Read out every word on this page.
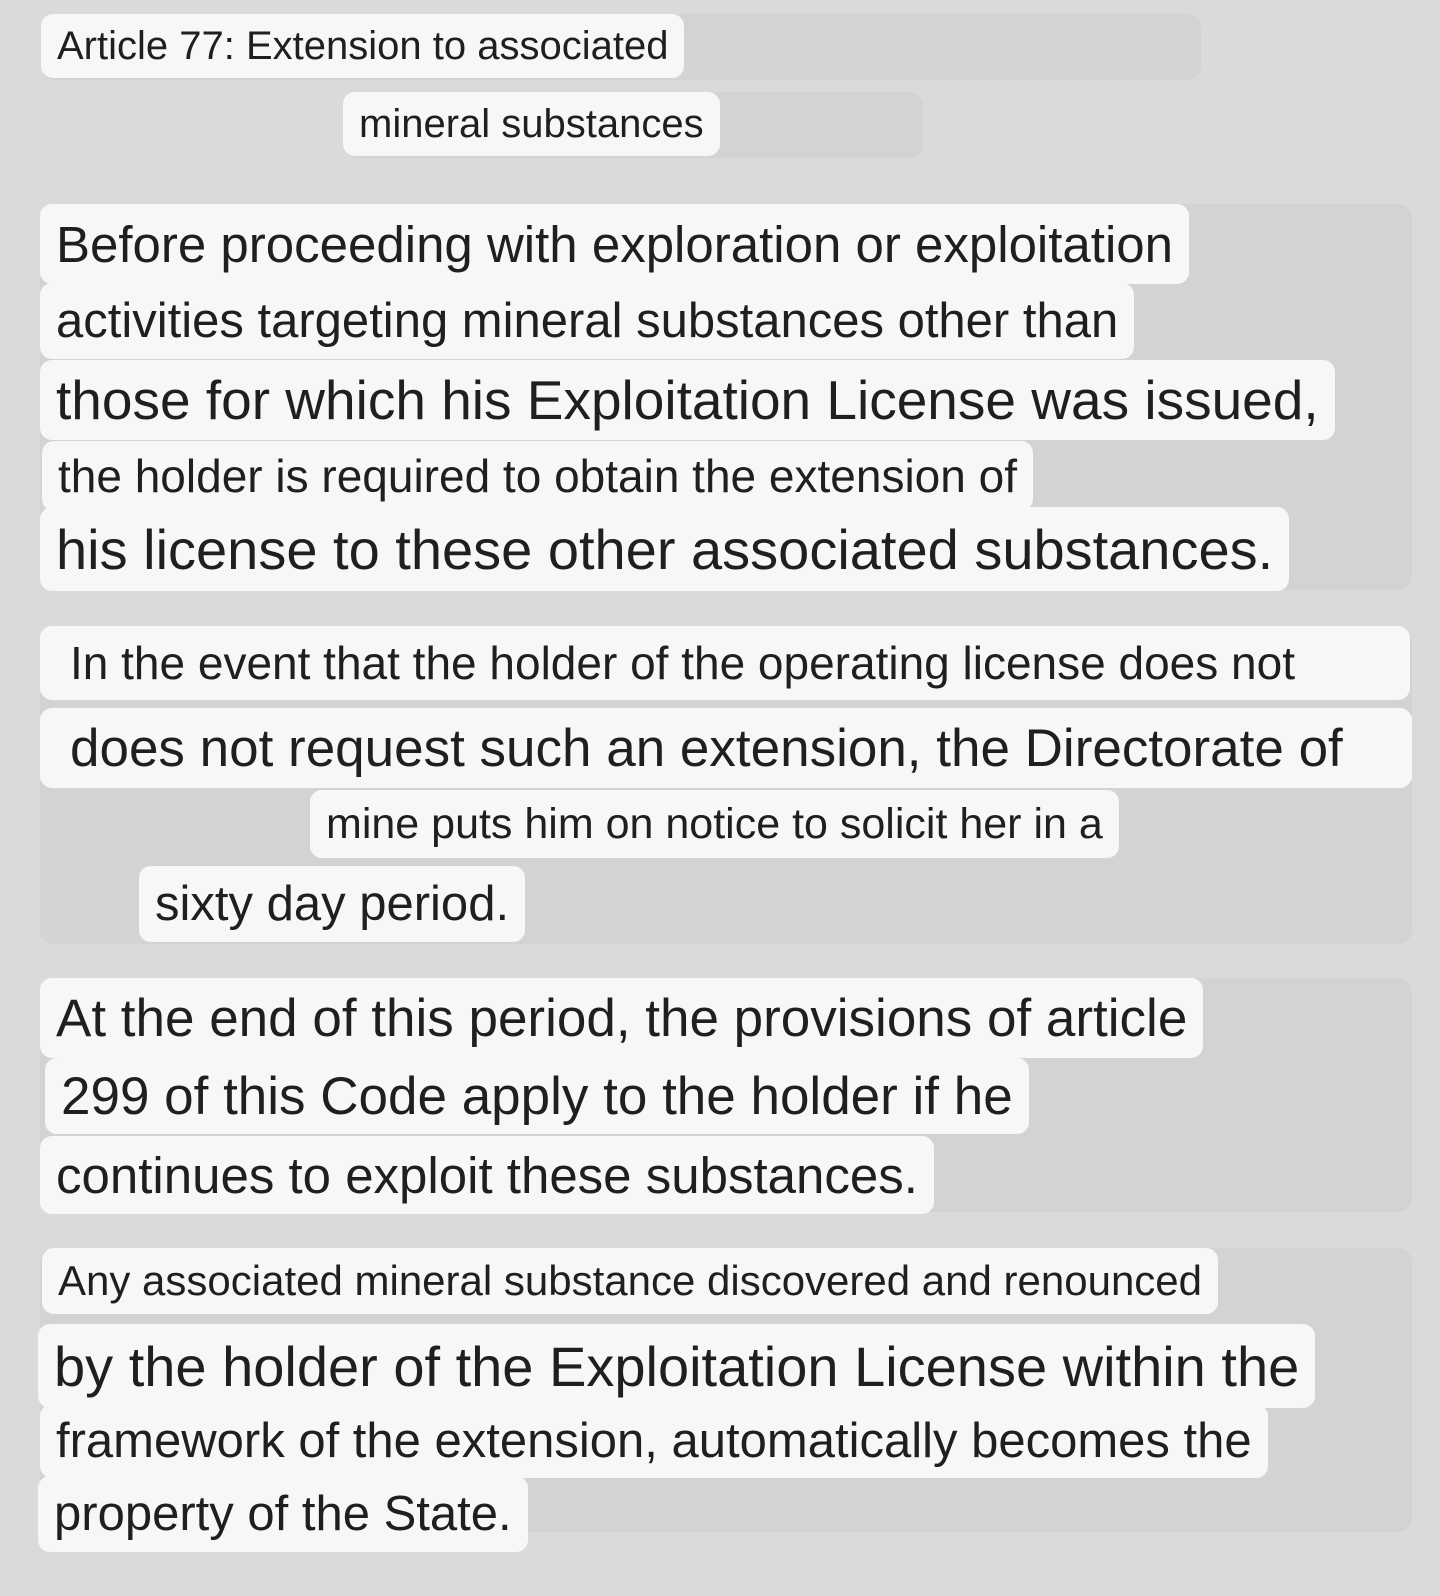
Article 77: Extension to associated
mineral substances
Before proceeding with exploration or exploitation
activities targeting mineral substances other than
those for which his Exploitation License was issued,
the holder is required to obtain the extension of
his license to these other associated substances.
In the event that the holder of the operating license does not
does not request such an extension, the Directorate of
mine puts him on notice to solicit her in a
sixty day period.
At the end of this period, the provisions of article
299 of this Code apply to the holder if he
continues to exploit these substances.
Any associated mineral substance discovered and renounced
by the holder of the Exploitation License within the
framework of the extension, automatically becomes the
property of the State.
